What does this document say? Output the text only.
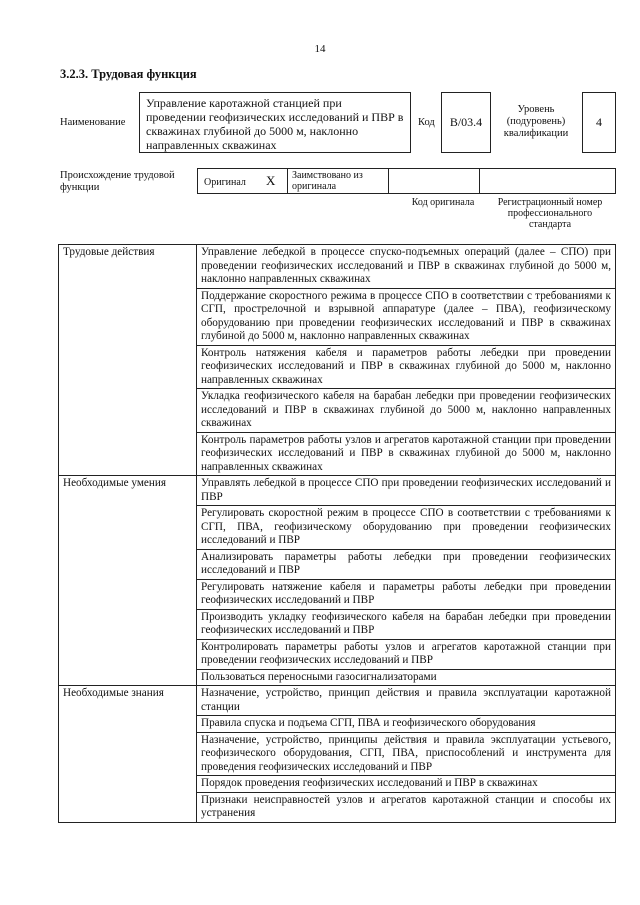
14
3.2.3. Трудовая функция
Наименование
Управление каротажной станцией при проведении геофизических исследований и ПВР в скважинах глубиной до 5000 м, наклонно направленных скважинах
Код	В/03.4
Уровень (подуровень) квалификации
4
Происхождение трудовой функции	Оригинал X	Заимствовано из оригинала
Код оригинала	Регистрационный номер профессионального стандарта
Трудовые действия	Управление лебедкой в процессе спуско-подъемных операций (далее – СПО) при проведении геофизических исследований и ПВР в скважинах глубиной до 5000 м, наклонно направленных скважинах
	Поддержание скоростного режима в процессе СПО в соответствии с требованиями к СГП, прострелочной и взрывной аппаратуре (далее – ПВА), геофизическому оборудованию при проведении геофизических исследований и ПВР в скважинах глубиной до 5000 м, наклонно направленных скважинах
	Контроль натяжения кабеля и параметров работы лебедки при проведении геофизических исследований и ПВР в скважинах глубиной до 5000 м, наклонно направленных скважинах
	Укладка геофизического кабеля на барабан лебедки при проведении геофизических исследований и ПВР в скважинах глубиной до 5000 м, наклонно направленных скважинах
	Контроль параметров работы узлов и агрегатов каротажной станции при проведении геофизических исследований и ПВР в скважинах глубиной до 5000 м, наклонно направленных скважинах
Необходимые умения	Управлять лебедкой в процессе СПО при проведении геофизических исследований и ПВР
	Регулировать скоростной режим в процессе СПО в соответствии с требованиями к СГП, ПВА, геофизическому оборудованию при проведении геофизических исследований и ПВР
	Анализировать параметры работы лебедки при проведении геофизических исследований и ПВР
	Регулировать натяжение кабеля и параметры работы лебедки при проведении геофизических исследований и ПВР
	Производить укладку геофизического кабеля на барабан лебедки при проведении геофизических исследований и ПВР
	Контролировать параметры работы узлов и агрегатов каротажной станции при проведении геофизических исследований и ПВР
	Пользоваться переносными газосигнализаторами
Необходимые знания	Назначение, устройство, принцип действия и правила эксплуатации каротажной станции
	Правила спуска и подъема СГП, ПВА и геофизического оборудования
	Назначение, устройство, принципы действия и правила эксплуатации устьевого, геофизического оборудования, СГП, ПВА, приспособлений и инструмента для проведения геофизических исследований и ПВР
	Порядок проведения геофизических исследований и ПВР в скважинах
	Признаки неисправностей узлов и агрегатов каротажной станции и способы их устранения
